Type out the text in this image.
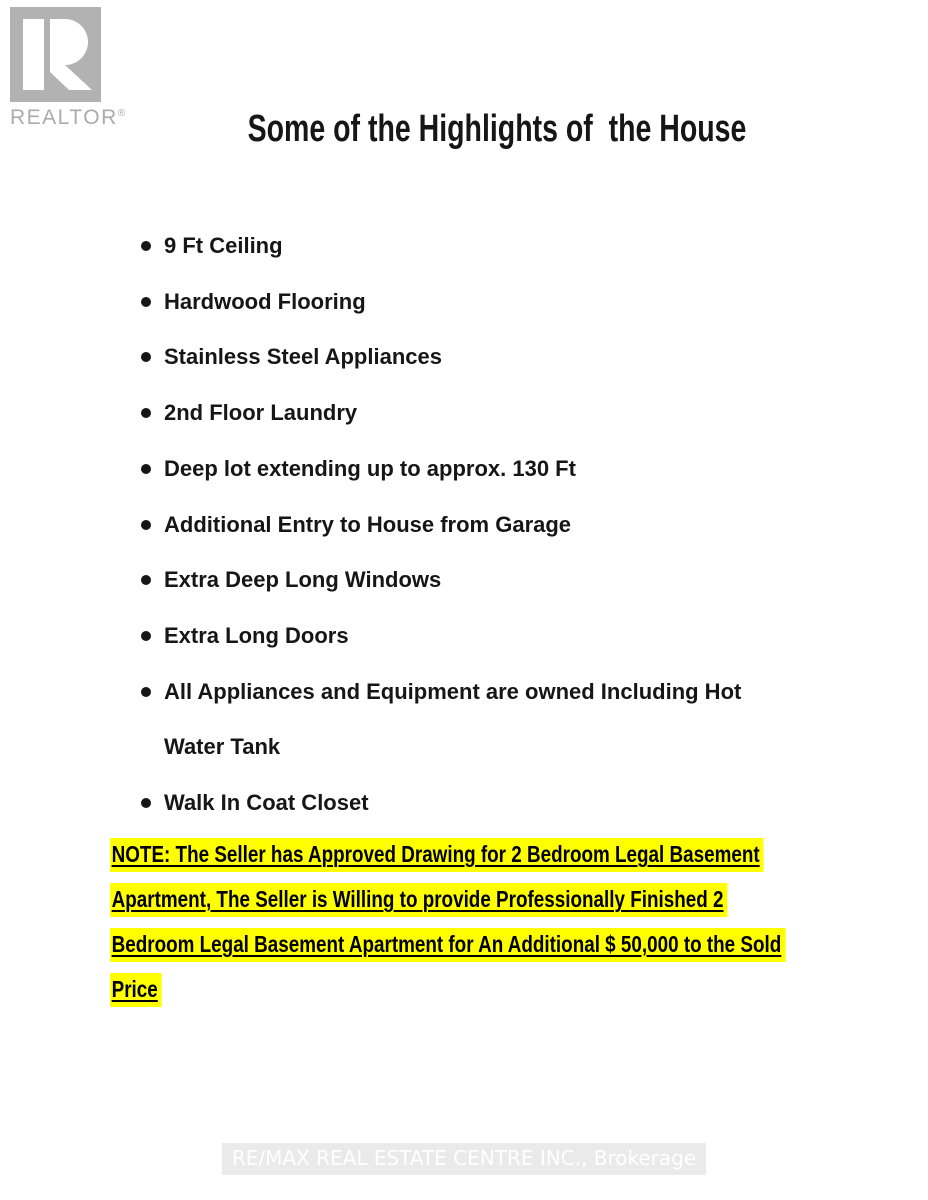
REALTOR®	Some of the Highlights of  the House
9 Ft Ceiling
Hardwood Flooring
Stainless Steel Appliances
2nd Floor Laundry
Deep lot extending up to approx. 130 Ft
Additional Entry to House from Garage
Extra Deep Long Windows
Extra Long Doors
All Appliances and Equipment are owned Including Hot Water Tank
Walk In Coat Closet
NOTE: The Seller has Approved Drawing for 2 Bedroom Legal Basement
Apartment, The Seller is Willing to provide Professionally Finished 2
Bedroom Legal Basement Apartment for An Additional $ 50,000 to the Sold
Price
RE/MAX REAL ESTATE CENTRE INC., Brokerage
